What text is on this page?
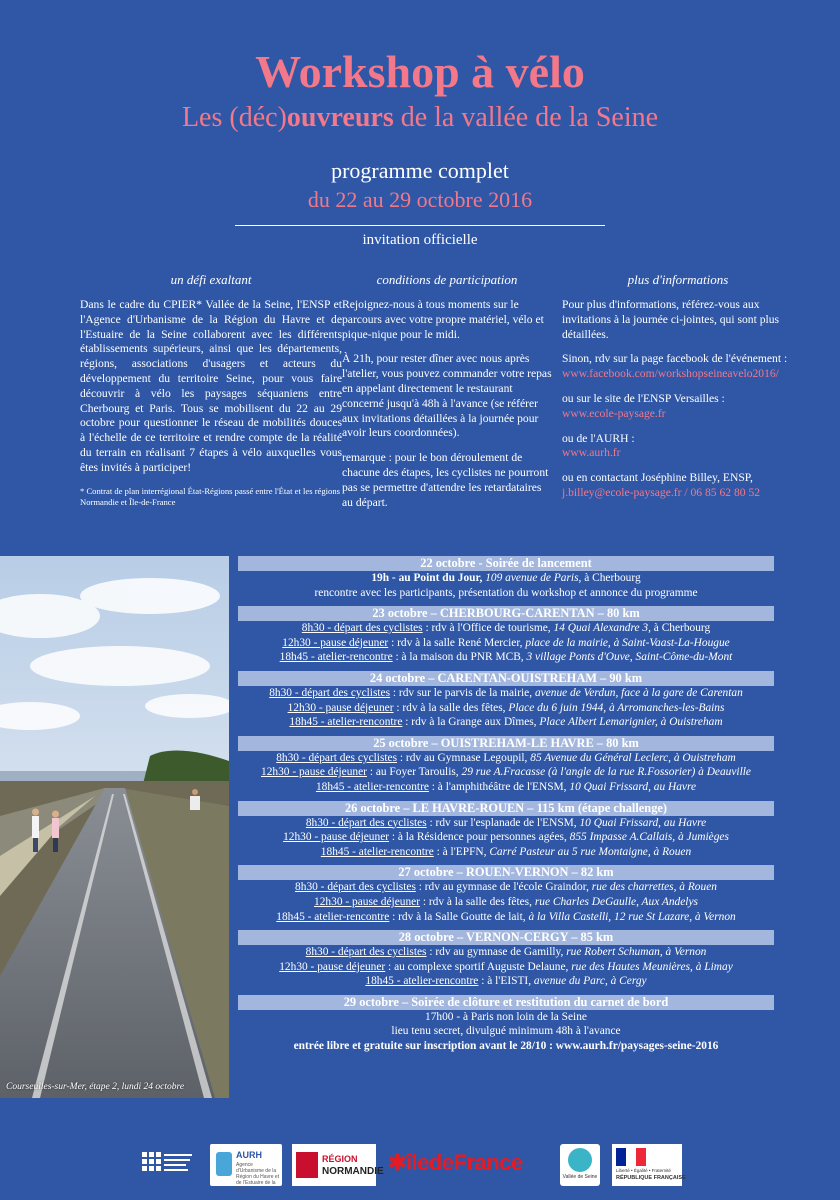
Workshop à vélo
Les (déc)ouvreurs de la vallée de la Seine
programme complet
du 22 au 29 octobre 2016
invitation officielle
un défi exaltant

Dans le cadre du CPIER* Vallée de la Seine, l'ENSP et l'Agence d'Urbanisme de la Région du Havre et de l'Estuaire de la Seine collaborent avec les différents établissements supérieurs, ainsi que les départements, régions, associations d'usagers et acteurs du développement du territoire Seine, pour vous faire découvrir à vélo les paysages séquaniens entre Cherbourg et Paris. Tous se mobilisent du 22 au 29 octobre pour questionner le réseau de mobilités douces à l'échelle de ce territoire et rendre compte de la réalité du terrain en réalisant 7 étapes à vélo auxquelles vous êtes invités à participer!

* Contrat de plan interrégional État-Régions passé entre l'État et les régions Normandie et Île-de-France

conditions de participation

Rejoignez-nous à tous moments sur le parcours avec votre propre matériel, vélo et pique-nique pour le midi.

À 21h, pour rester dîner avec nous après l'atelier, vous pouvez commander votre repas en appelant directement le restaurant concerné jusqu'à 48h à l'avance (se référer aux invitations détaillées à la journée pour avoir leurs coordonnées).

remarque : pour le bon déroulement de chacune des étapes, les cyclistes ne pourront pas se permettre d'attendre les retardataires au départ.

plus d'informations

Pour plus d'informations, référez-vous aux invitations à la journée ci-jointes, qui sont plus détaillées.

Sinon, rdv sur la page facebook de l'événement : www.facebook.com/workshopseineavelo2016/

ou sur le site de l'ENSP Versailles :
www.ecole-paysage.fr

ou de l'AURH :
www.aurh.fr

ou en contactant Joséphine Billey, ENSP,
j.billey@ecole-paysage.fr / 06 85 62 80 52

Courseulles-sur-Mer, étape 2, lundi 24 octobre
22 octobre - Soirée de lancement
19h - au Point du Jour, 109 avenue de Paris, à Cherbourg
rencontre avec les participants, présentation du workshop et annonce du programme
23 octobre – CHERBOURG-CARENTAN – 80 km
8h30 - départ des cyclistes : rdv à l'Office de tourisme, 14 Quai Alexandre 3, à Cherbourg
12h30 - pause déjeuner : rdv à la salle René Mercier, place de la mairie, à Saint-Vaast-La-Hougue
18h45 - atelier-rencontre : à la maison du PNR MCB, 3 village Ponts d'Ouve, Saint-Côme-du-Mont
24 octobre – CARENTAN-OUISTREHAM – 90 km
8h30 - départ des cyclistes : rdv sur le parvis de la mairie, avenue de Verdun, face à la gare de Carentan
12h30 - pause déjeuner : rdv à la salle des fêtes, Place du 6 juin 1944, à Arromanches-les-Bains
18h45 - atelier-rencontre : rdv à la Grange aux Dîmes, Place Albert Lemarignier, à Ouistreham
25 octobre – OUISTREHAM-LE HAVRE – 80 km
8h30 - départ des cyclistes : rdv au Gymnase Legoupil, 85 Avenue du Général Leclerc, à Ouistreham
12h30 - pause déjeuner : au Foyer Taroulis, 29 rue A.Fracasse (à l'angle de la rue R.Fossorier) à Deauville
18h45 - atelier-rencontre : à l'amphithéâtre de l'ENSM, 10 Quai Frissard, au Havre
26 octobre – LE HAVRE-ROUEN – 115 km (étape challenge)
8h30 - départ des cyclistes : rdv sur l'esplanade de l'ENSM, 10 Quai Frissard, au Havre
12h30 - pause déjeuner : à la Résidence pour personnes agées, 855 Impasse A.Callais, à Jumièges
18h45 - atelier-rencontre : à l'EPFN, Carré Pasteur au 5 rue Montaigne, à Rouen
27 octobre – ROUEN-VERNON – 82 km
8h30 - départ des cyclistes : rdv au gymnase de l'école Graindor, rue des charrettes, à Rouen
12h30 - pause déjeuner : rdv à la salle des fêtes, rue Charles DeGaulle, Aux Andelys
18h45 - atelier-rencontre : rdv à la Salle Goutte de lait, à la Villa Castelli, 12 rue St Lazare, à Vernon
28 octobre – VERNON-CERGY – 85 km
8h30 - départ des cyclistes : rdv au gymnase de Gamilly, rue Robert Schuman, à Vernon
12h30 - pause déjeuner : au complexe sportif Auguste Delaune, rue des Hautes Meunières, à Limay
18h45 - atelier-rencontre : à l'EISTI, avenue du Parc, à Cergy
29 octobre – Soirée de clôture et restitution du carnet de bord
17h00 - à Paris non loin de la Seine
lieu tenu secret, divulgué minimum 48h à l'avance
entrée libre et gratuite sur inscription avant le 28/10 : www.aurh.fr/paysages-seine-2016
AURH
Agence d'Urbanisme de la Région du Havre et de l'Estuaire de la Seine
RÉGION
NORMANDIE ✱îledeFrance
Vallée de Seine
Liberté • Égalité • Fraternité
RÉPUBLIQUE FRANÇAISE
